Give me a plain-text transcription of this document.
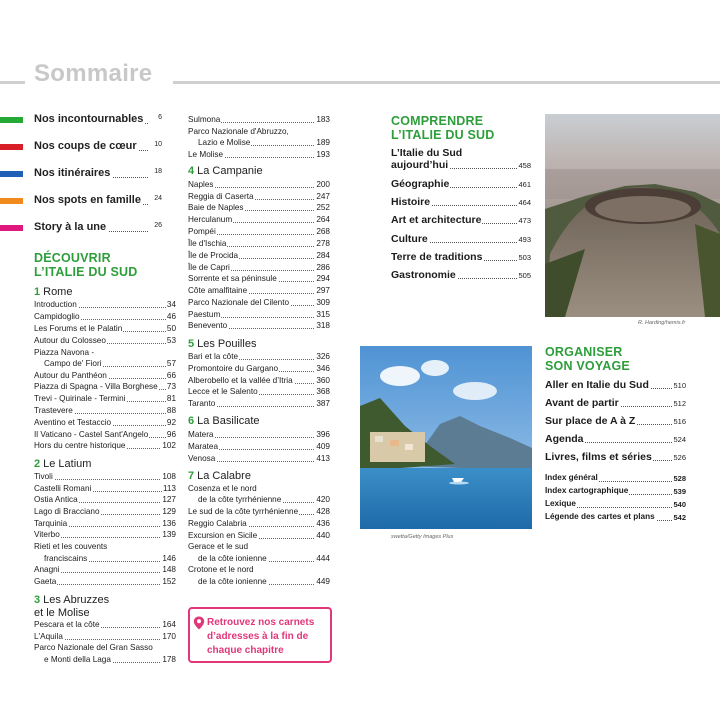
Sommaire
Nos incontournables 6
Nos coups de cœur	10
Nos itinéraires	18
Nos spots en famille 24
Story à la une	26
DÉCOUVRIR
L’ITALIE DU SUD
1 Rome
Introduction	34
Campidoglio	46
Les Forums et le Palatin	50
Autour du Colosseo	53
Piazza Navona -
Campo de' Fiori	57
Autour du Panthéon	66
Piazza di Spagna - Villa Borghese 73
Trevi - Quirinale - Termini	81
Trastevere	88
Aventino et Testaccio	92
Il Vaticano - Castel Sant'Angelo 96
Hors du centre historique	102
2 Le Latium
Tivoli	108
Castelli Romani	113
Ostia Antica	127
Lago di Bracciano	129
Tarquinia	136
Viterbo	139
Rieti et les couvents
franciscains	146
Anagni	148
Gaeta	152
3 Les Abruzzes
et le Molise
Pescara et la côte	164
L'Aquila	170
Parco Nazionale del Gran Sasso
e Monti della Laga	178
Sulmona	183
Parco Nazionale d'Abruzzo,
Lazio e Molise	189
Le Molise	193
4 La Campanie
Naples	200
Reggia di Caserta	247
Baie de Naples	252
Herculanum	264
Pompéi	268
Île d'Ischia	278
Île de Procida	284
Île de Capri	286
Sorrente et sa péninsule	294
Côte amalfitaine	297
Parco Nazionale del Cilento	309
Paestum	315
Benevento	318
5 Les Pouilles
Bari et la côte	326
Promontoire du Gargano	346
Alberobello et la vallée d’Itria	360
Lecce et le Salento	368
Taranto	387
6 La Basilicate
Matera	396
Maratea	409
Venosa	413
7 La Calabre
Cosenza et le nord
de la côte tyrrhénienne	420
Le sud de la côte tyrrhénienne 428
Reggio Calabria	436
Excursion en Sicile	440
Gerace et le sud
de la côte ionienne	444
Crotone et le nord
de la côte ionienne	449
Retrouvez nos carnets
d’adresses à la fin de
chaque chapitre
COMPRENDRE
L’ITALIE DU SUD
L’Italie du Sud
aujourd’hui	458
Géographie	461
Histoire	464
Art et architecture	473
Culture	493
Terre de traditions	503
Gastronomie	505
R. Harding/hemis.fr
swetta/Getty Images Plus
ORGANISER
SON VOYAGE
Aller en Italie du Sud	510
Avant de partir	512
Sur place de A à Z	516
Agenda	524
Livres, films et séries	526
Index général	528
Index cartographique	539
Lexique	540
Légende des cartes et plans	542
